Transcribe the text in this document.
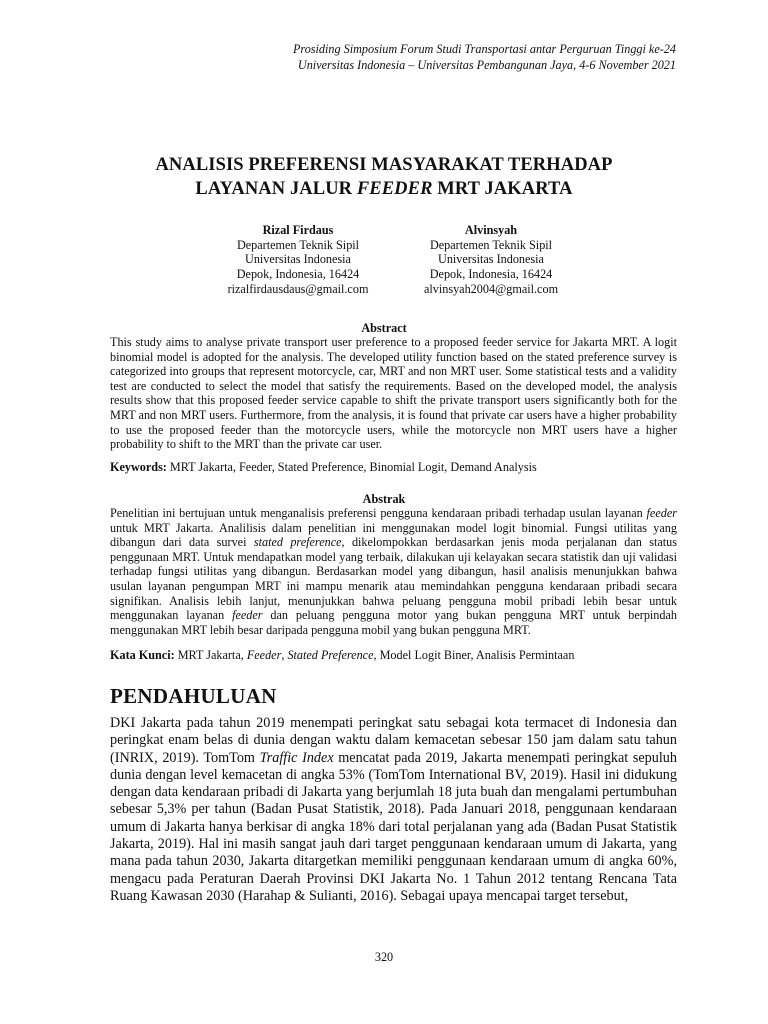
Prosiding Simposium Forum Studi Transportasi antar Perguruan Tinggi ke-24
Universitas Indonesia – Universitas Pembangunan Jaya, 4-6 November 2021
ANALISIS PREFERENSI MASYARAKAT TERHADAP
LAYANAN JALUR FEEDER MRT JAKARTA
Rizal Firdaus
Departemen Teknik Sipil
Universitas Indonesia
Depok, Indonesia, 16424
rizalfirdausdaus@gmail.com
Alvinsyah
Departemen Teknik Sipil
Universitas Indonesia
Depok, Indonesia, 16424
alvinsyah2004@gmail.com
Abstract
This study aims to analyse private transport user preference to a proposed feeder service for Jakarta MRT. A logit binomial model is adopted for the analysis. The developed utility function based on the stated preference survey is categorized into groups that represent motorcycle, car, MRT and non MRT user. Some statistical tests and a validity test are conducted to select the model that satisfy the requirements. Based on the developed model, the analysis results show that this proposed feeder service capable to shift the private transport users significantly both for the MRT and non MRT users. Furthermore, from the analysis, it is found that private car users have a higher probability to use the proposed feeder than the motorcycle users, while the motorcycle non MRT users have a higher probability to shift to the MRT than the private car user.
Keywords: MRT Jakarta, Feeder, Stated Preference, Binomial Logit, Demand Analysis
Abstrak
Penelitian ini bertujuan untuk menganalisis preferensi pengguna kendaraan pribadi terhadap usulan layanan feeder untuk MRT Jakarta. Analilisis dalam penelitian ini menggunakan model logit binomial. Fungsi utilitas yang dibangun dari data survei stated preference, dikelompokkan berdasarkan jenis moda perjalanan dan status penggunaan MRT. Untuk mendapatkan model yang terbaik, dilakukan uji kelayakan secara statistik dan uji validasi terhadap fungsi utilitas yang dibangun. Berdasarkan model yang dibangun, hasil analisis menunjukkan bahwa usulan layanan pengumpan MRT ini mampu menarik atau memindahkan pengguna kendaraan pribadi secara signifikan. Analisis lebih lanjut, menunjukkan bahwa peluang pengguna mobil pribadi lebih besar untuk menggunakan layanan feeder dan peluang pengguna motor yang bukan pengguna MRT untuk berpindah menggunakan MRT lebih besar daripada pengguna mobil yang bukan pengguna MRT.
Kata Kunci: MRT Jakarta, Feeder, Stated Preference, Model Logit Biner, Analisis Permintaan
PENDAHULUAN
DKI Jakarta pada tahun 2019 menempati peringkat satu sebagai kota termacet di Indonesia dan peringkat enam belas di dunia dengan waktu dalam kemacetan sebesar 150 jam dalam satu tahun (INRIX, 2019). TomTom Traffic Index mencatat pada 2019, Jakarta menempati peringkat sepuluh dunia dengan level kemacetan di angka 53% (TomTom International BV, 2019). Hasil ini didukung dengan data kendaraan pribadi di Jakarta yang berjumlah 18 juta buah dan mengalami pertumbuhan sebesar 5,3% per tahun (Badan Pusat Statistik, 2018). Pada Januari 2018, penggunaan kendaraan umum di Jakarta hanya berkisar di angka 18% dari total perjalanan yang ada (Badan Pusat Statistik Jakarta, 2019). Hal ini masih sangat jauh dari target penggunaan kendaraan umum di Jakarta, yang mana pada tahun 2030, Jakarta ditargetkan memiliki penggunaan kendaraan umum di angka 60%, mengacu pada Peraturan Daerah Provinsi DKI Jakarta No. 1 Tahun 2012 tentang Rencana Tata Ruang Kawasan 2030 (Harahap & Sulianti, 2016). Sebagai upaya mencapai target tersebut,
320
